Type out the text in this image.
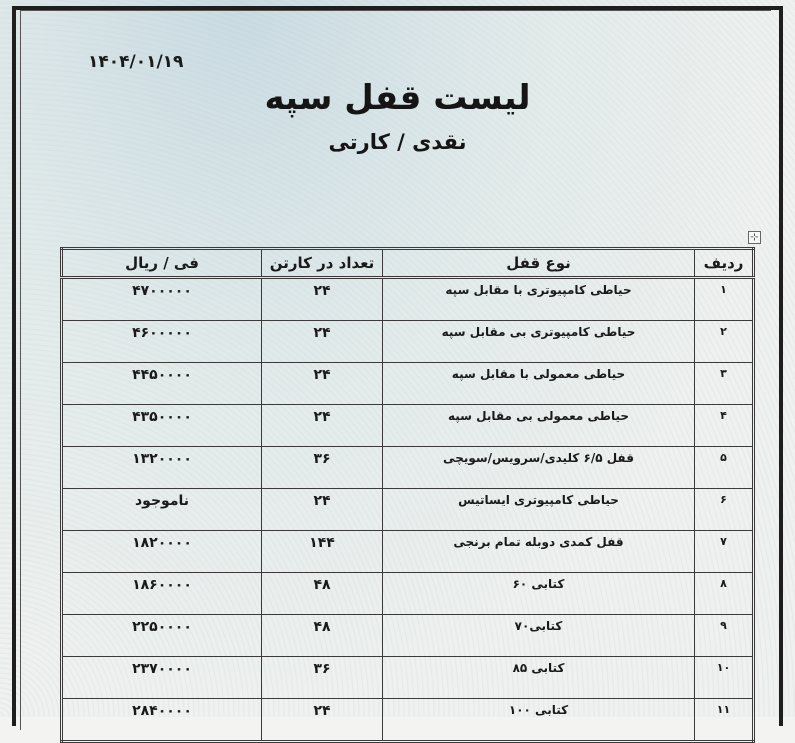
۱۴۰۴/۰۱/۱۹
لیست قفل سپه
نقدی / کارتی
⊹
ردیف	نوع قفل	تعداد در کارتن	فی / ریال
۱	حیاطی کامپیوتری با مقابل سپه	۲۴	۴۷۰۰۰۰۰
۲	حیاطی کامپیوتری بی مقابل سپه	۲۴	۴۶۰۰۰۰۰
۳	حیاطی معمولی با مقابل سپه	۲۴	۴۴۵۰۰۰۰
۴	حیاطی معمولی بی مقابل سپه	۲۴	۴۳۵۰۰۰۰
۵	قفل ۶/۵ کلیدی/سرویس/سویچی	۳۶	۱۳۲۰۰۰۰
۶	حیاطی کامپیوتری ایساتیس	۲۴	ناموجود
۷	قفل کمدی دوبله تمام برنجی	۱۴۴	۱۸۲۰۰۰۰
۸	کتابی ۶۰	۴۸	۱۸۶۰۰۰۰
۹	کتابی۷۰	۴۸	۲۲۵۰۰۰۰
۱۰	کتابی ۸۵	۳۶	۲۳۷۰۰۰۰
۱۱	کتابی ۱۰۰	۲۴	۲۸۴۰۰۰۰
